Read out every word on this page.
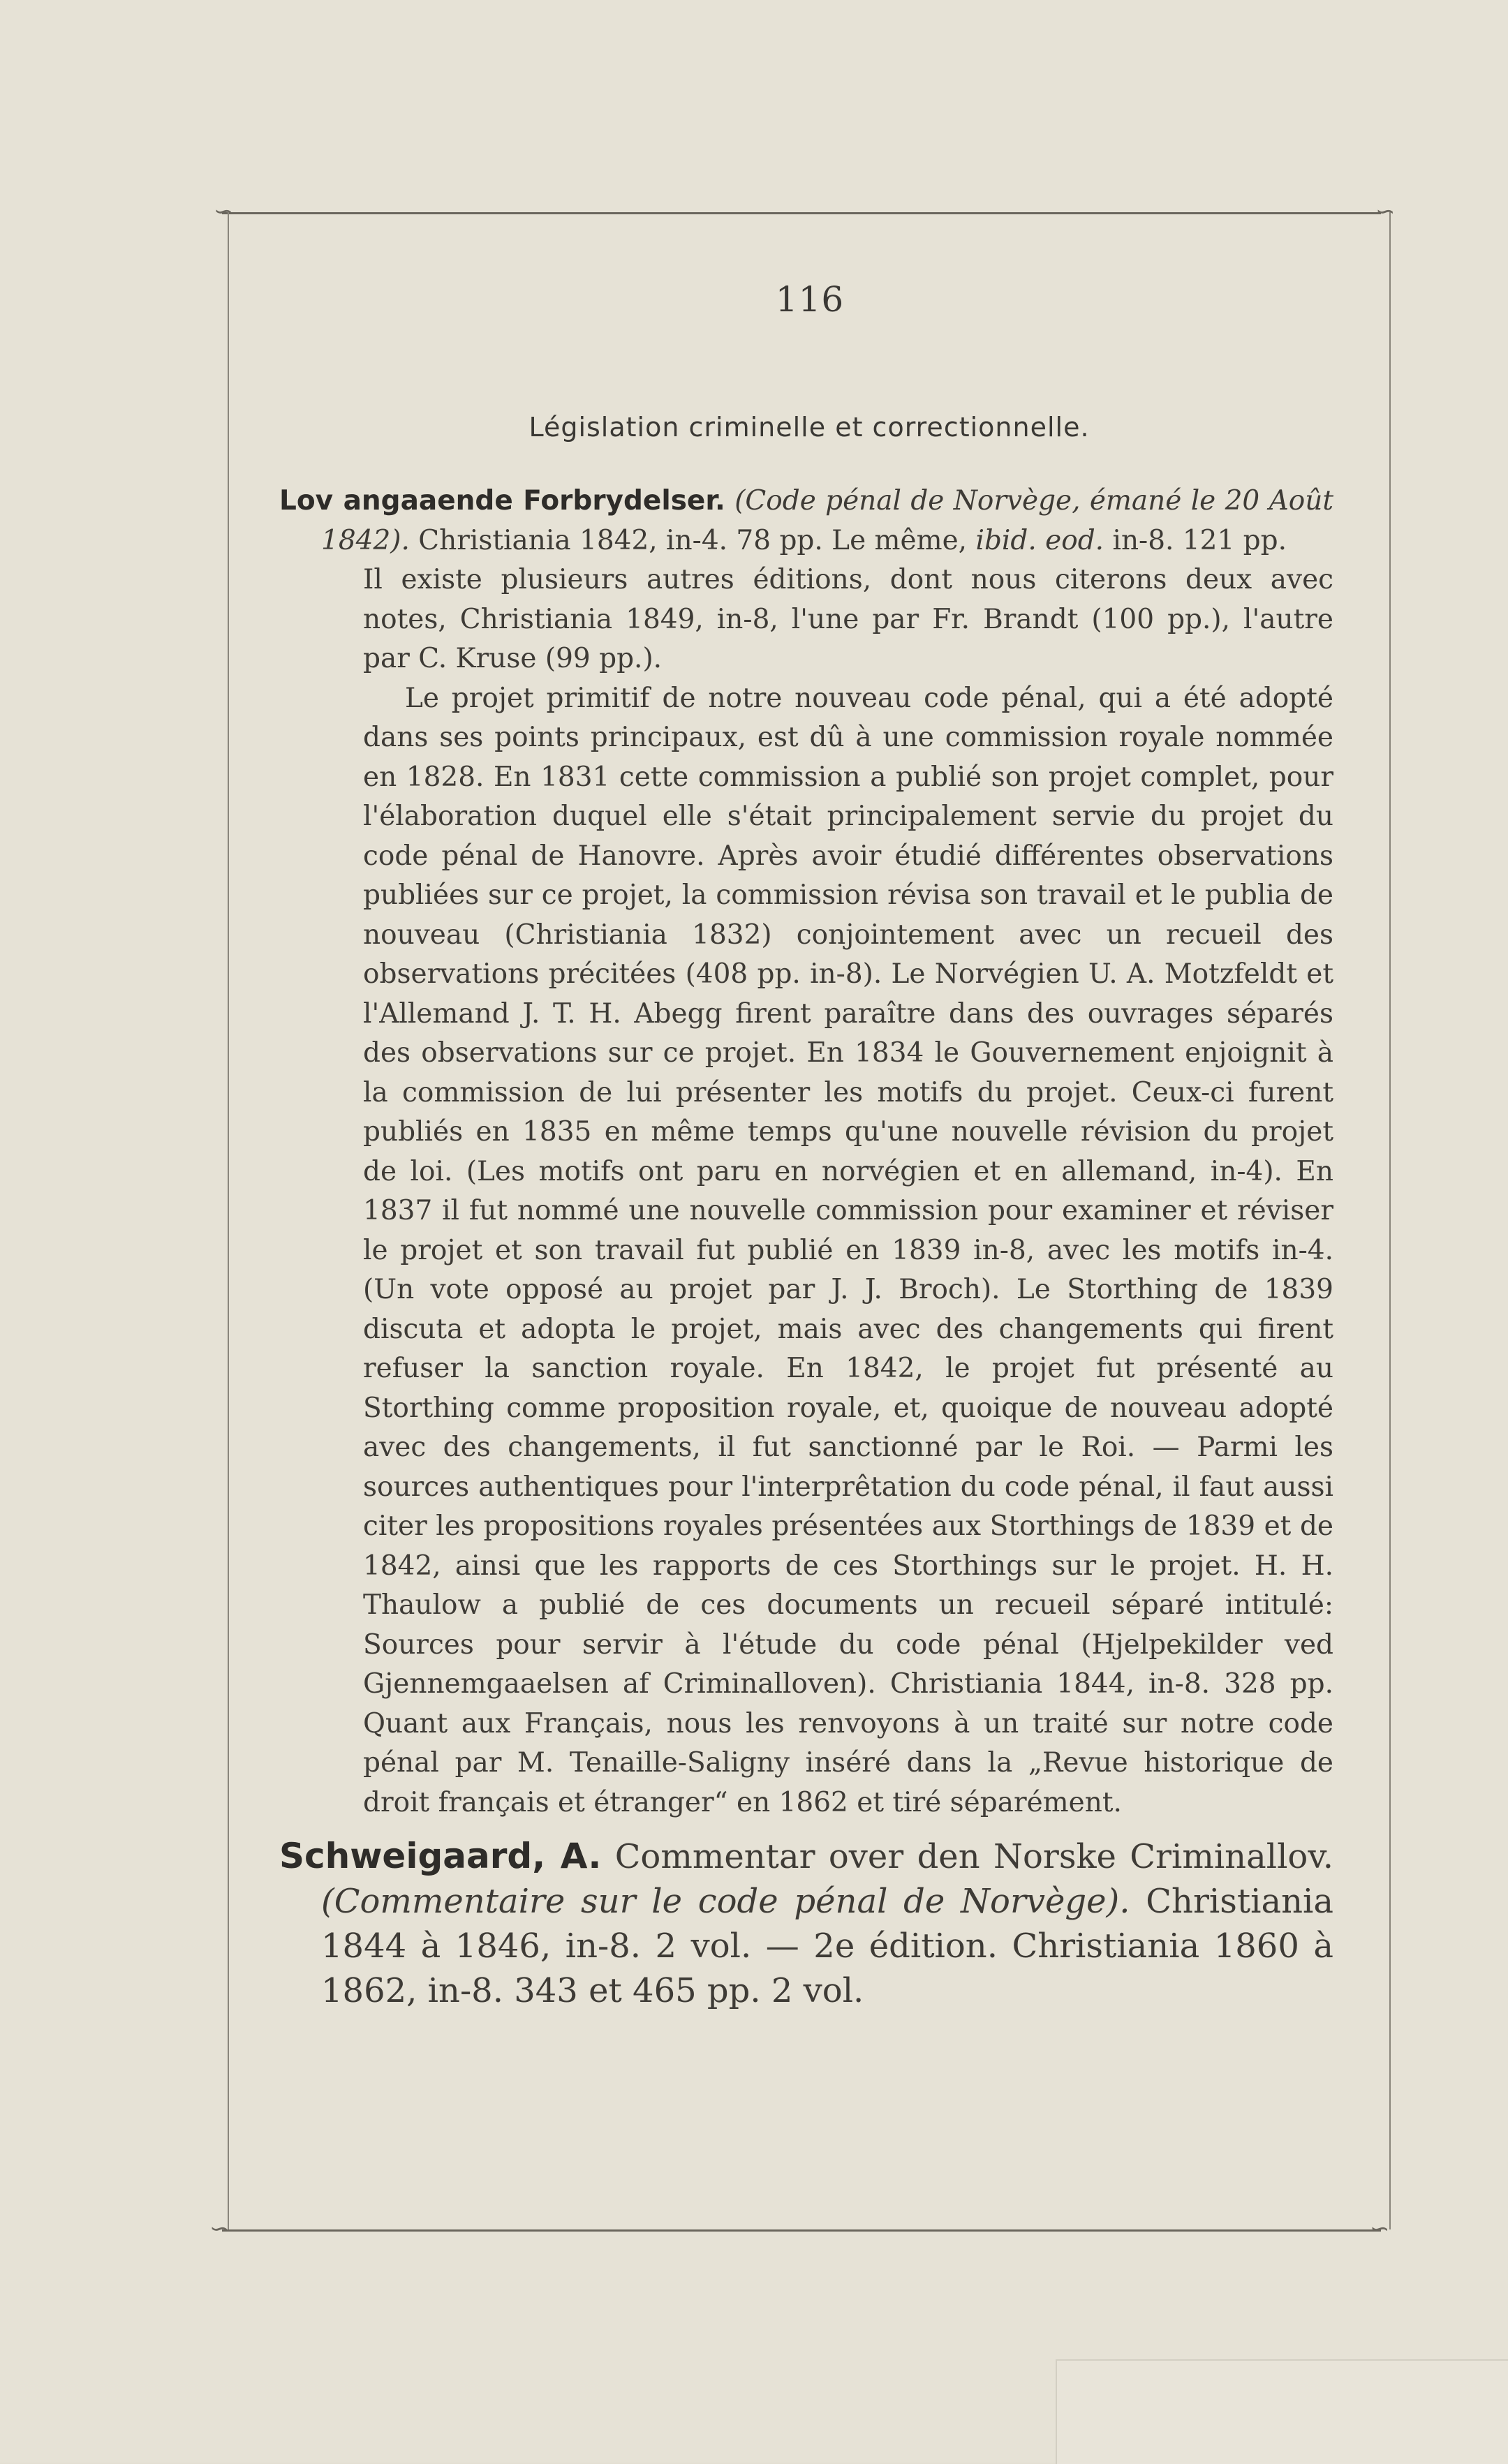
∽	∽
∽	∽
116
Législation criminelle et correctionnelle.

Lov angaaende Forbrydelser. (Code pénal de Norvège, émané le 20 Août 1842). Christiania 1842, in-4. 78 pp. Le même, ibid. eod. in-8. 121 pp.

Il existe plusieurs autres éditions, dont nous citerons deux avec notes, Christiania 1849, in-8, l'une par Fr. Brandt (100 pp.), l'autre par C. Kruse (99 pp.).

Le projet primitif de notre nouveau code pénal, qui a été adopté dans ses points principaux, est dû à une commission royale nommée en 1828. En 1831 cette commission a publié son projet complet, pour l'élaboration duquel elle s'était principalement servie du projet du code pénal de Hanovre. Après avoir étudié différentes observations publiées sur ce projet, la commission révisa son travail et le publia de nouveau (Christiania 1832) conjointement avec un recueil des observations précitées (408 pp. in-8). Le Norvégien U. A. Motzfeldt et l'Allemand J. T. H. Abegg firent paraître dans des ouvrages séparés des observations sur ce projet. En 1834 le Gouvernement enjoignit à la commission de lui présenter les motifs du projet. Ceux-ci furent publiés en 1835 en même temps qu'une nouvelle révision du projet de loi. (Les motifs ont paru en norvégien et en allemand, in-4). En 1837 il fut nommé une nouvelle commission pour examiner et réviser le projet et son travail fut publié en 1839 in-8, avec les motifs in-4. (Un vote opposé au projet par J. J. Broch). Le Storthing de 1839 discuta et adopta le projet, mais avec des changements qui firent refuser la sanction royale. En 1842, le projet fut présenté au Storthing comme proposition royale, et, quoique de nouveau adopté avec des changements, il fut sanctionné par le Roi. — Parmi les sources authentiques pour l'interprêtation du code pénal, il faut aussi citer les propositions royales présentées aux Storthings de 1839 et de 1842, ainsi que les rapports de ces Storthings sur le projet. H. H. Thaulow a publié de ces documents un recueil séparé intitulé: Sources pour servir à l'étude du code pénal (Hjelpekilder ved Gjennemgaaelsen af Criminalloven). Christiania 1844, in-8. 328 pp. Quant aux Français, nous les renvoyons à un traité sur notre code pénal par M. Tenaille-Saligny inséré dans la „Revue historique de droit français et étranger“ en 1862 et tiré séparément.

Schweigaard, A. Commentar over den Norske Criminallov. (Commentaire sur le code pénal de Norvège). Christiania 1844 à 1846, in-8. 2 vol. — 2e édition. Christiania 1860 à 1862, in-8. 343 et 465 pp. 2 vol.
